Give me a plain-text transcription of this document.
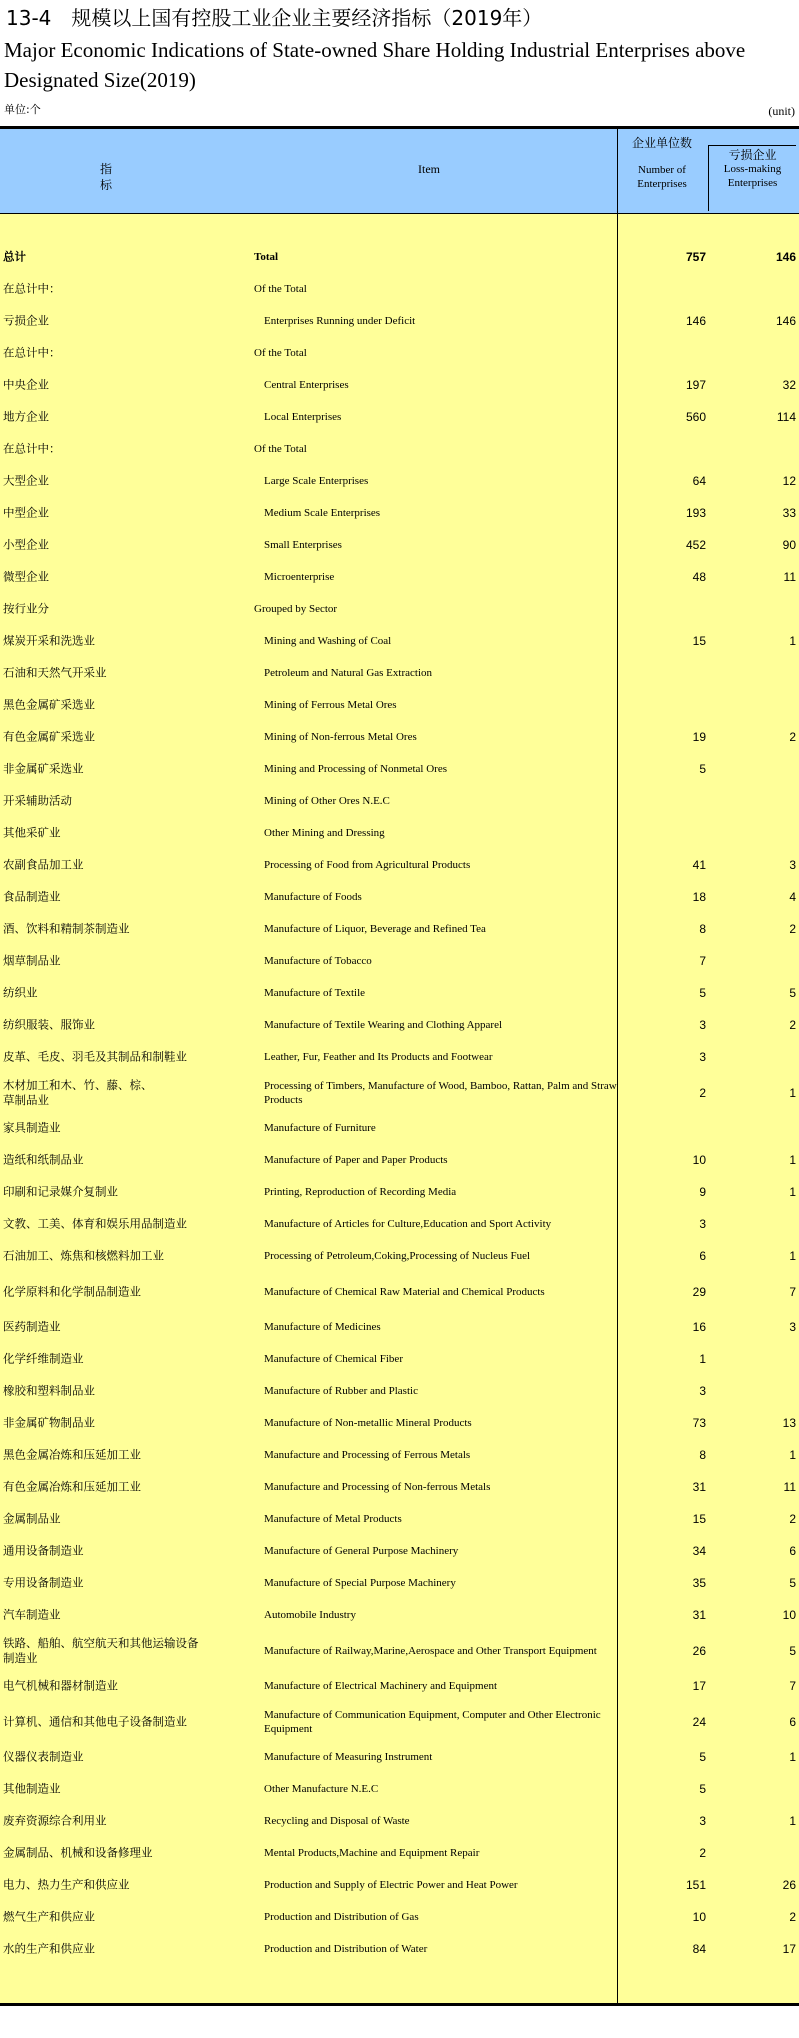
13-4　规模以上国有控股工业企业主要经济指标（2019年）
Major Economic Indications of State-owned Share Holding Industrial Enterprises above Designated Size(2019)
单位:个	(unit)
指 标
Item
企业单位数
Number of Enterprises
亏损企业
Loss-making Enterprises
总计	Total	757	146
在总计中：	Of the Total
亏损企业	Enterprises Running under Deficit	146	146
在总计中：	Of the Total
中央企业	Central Enterprises	197	32
地方企业	Local Enterprises	560	114
在总计中：	Of the Total
大型企业	Large Scale Enterprises	64	12
中型企业	Medium Scale Enterprises	193	33
小型企业	Small Enterprises	452	90
微型企业	Microenterprise	48	11
按行业分	Grouped by Sector
煤炭开采和洗选业	Mining and Washing of Coal	15	1
石油和天然气开采业	Petroleum and Natural Gas Extraction
黑色金属矿采选业	Mining of Ferrous Metal Ores
有色金属矿采选业	Mining of Non-ferrous Metal Ores	19	2
非金属矿采选业	Mining and Processing of Nonmetal Ores	5
开采辅助活动	Mining of Other Ores N.E.C
其他采矿业	Other Mining and Dressing
农副食品加工业	Processing of Food from Agricultural Products	41	3
食品制造业	Manufacture of Foods	18	4
酒、饮料和精制茶制造业	Manufacture of Liquor, Beverage and Refined Tea	8	2
烟草制品业	Manufacture of Tobacco	7
纺织业	Manufacture of Textile	5	5
纺织服装、服饰业	Manufacture of Textile Wearing and Clothing Apparel	3	2
皮革、毛皮、羽毛及其制品和制鞋业	Leather, Fur, Feather and Its Products and Footwear	3
木材加工和木、竹、藤、棕、
草制品业
Processing of Timbers, Manufacture of Wood, Bamboo, Rattan, Palm and Straw Products	2	1
家具制造业	Manufacture of Furniture
造纸和纸制品业	Manufacture of Paper and Paper Products	10	1
印刷和记录媒介复制业	Printing, Reproduction of Recording Media	9	1
文教、工美、体育和娱乐用品制造业	Manufacture of Articles for Culture,Education and Sport Activity	3
石油加工、炼焦和核燃料加工业	Processing of Petroleum,Coking,Processing of Nucleus Fuel	6	1
化学原料和化学制品制造业	Manufacture of Chemical Raw Material and Chemical Products	29	7
医药制造业	Manufacture of Medicines	16	3
化学纤维制造业	Manufacture of Chemical Fiber	1
橡胶和塑料制品业	Manufacture of Rubber and Plastic	3
非金属矿物制品业	Manufacture of Non-metallic Mineral Products	73	13
黑色金属冶炼和压延加工业	Manufacture and Processing of Ferrous Metals	8	1
有色金属冶炼和压延加工业	Manufacture and Processing of Non-ferrous Metals	31	11
金属制品业	Manufacture of Metal Products	15	2
通用设备制造业	Manufacture of General Purpose Machinery	34	6
专用设备制造业	Manufacture of Special Purpose Machinery	35	5
汽车制造业	Automobile Industry	31	10
铁路、船舶、航空航天和其他运输设备
制造业	Manufacture of Railway,Marine,Aerospace and Other Transport Equipment	26	5
电气机械和器材制造业	Manufacture of Electrical Machinery and Equipment	17	7
计算机、通信和其他电子设备制造业	Manufacture of Communication Equipment, Computer and Other Electronic Equipment	24	6
仪器仪表制造业	Manufacture of Measuring Instrument	5	1
其他制造业	Other Manufacture N.E.C	5
废弃资源综合利用业	Recycling and Disposal of Waste	3	1
金属制品、机械和设备修理业	Mental Products,Machine and Equipment Repair	2
电力、热力生产和供应业	Production and Supply of Electric Power and Heat Power	151	26
燃气生产和供应业	Production and Distribution of Gas	10	2
水的生产和供应业	Production and Distribution of Water	84	17
